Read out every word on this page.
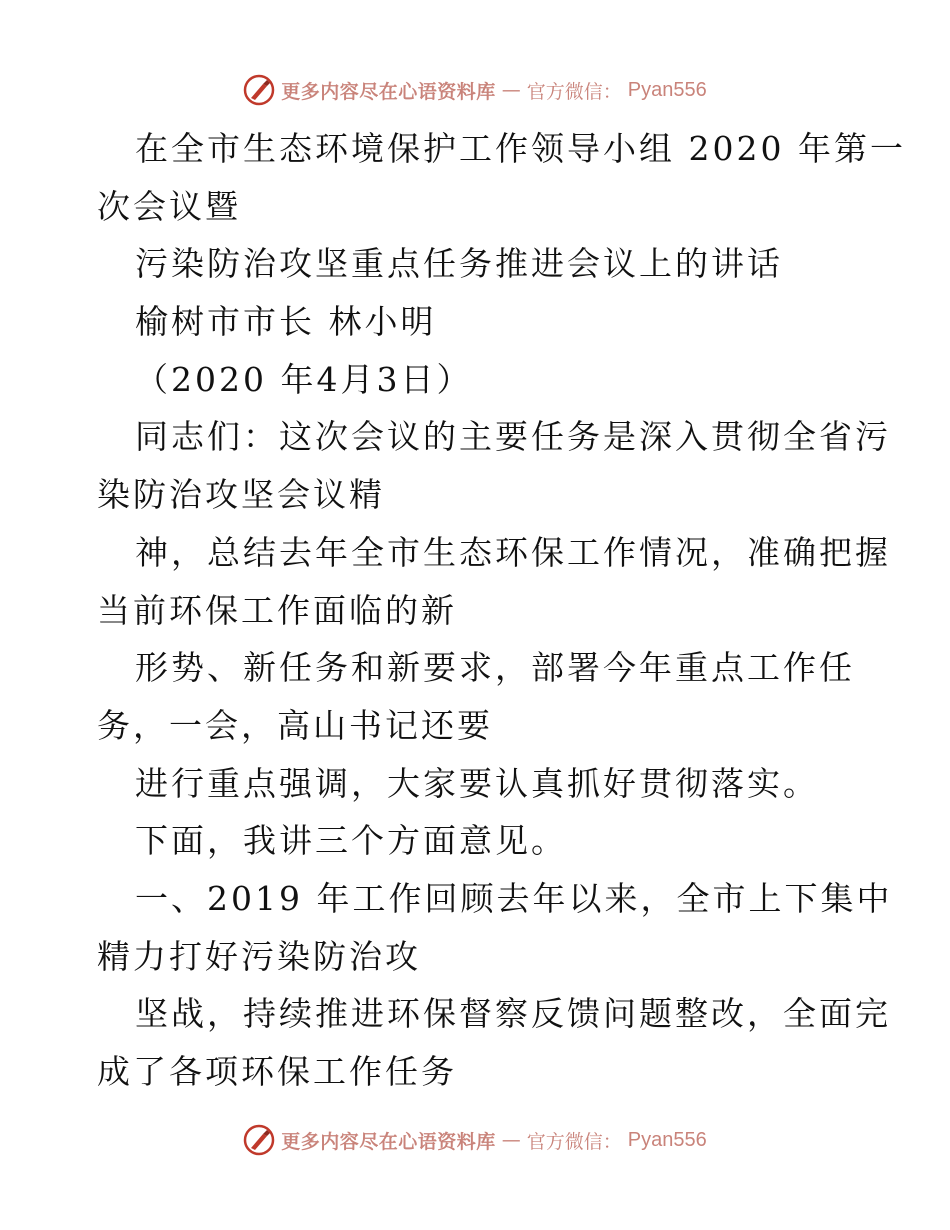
更多内容尽在心语资料库 — 官方微信： Pyan556
在全市生态环境保护工作领导小组 2020 年第一
次会议暨
污染防治攻坚重点任务推进会议上的讲话
榆树市市长 林小明
（2020 年4月3日）
同志们：这次会议的主要任务是深入贯彻全省污
染防治攻坚会议精
神，总结去年全市生态环保工作情况，准确把握
当前环保工作面临的新
形势、新任务和新要求，部署今年重点工作任
务，一会，高山书记还要
进行重点强调，大家要认真抓好贯彻落实。
下面，我讲三个方面意见。
一、2019 年工作回顾去年以来，全市上下集中
精力打好污染防治攻
坚战，持续推进环保督察反馈问题整改，全面完
成了各项环保工作任务
更多内容尽在心语资料库 — 官方微信： Pyan556
